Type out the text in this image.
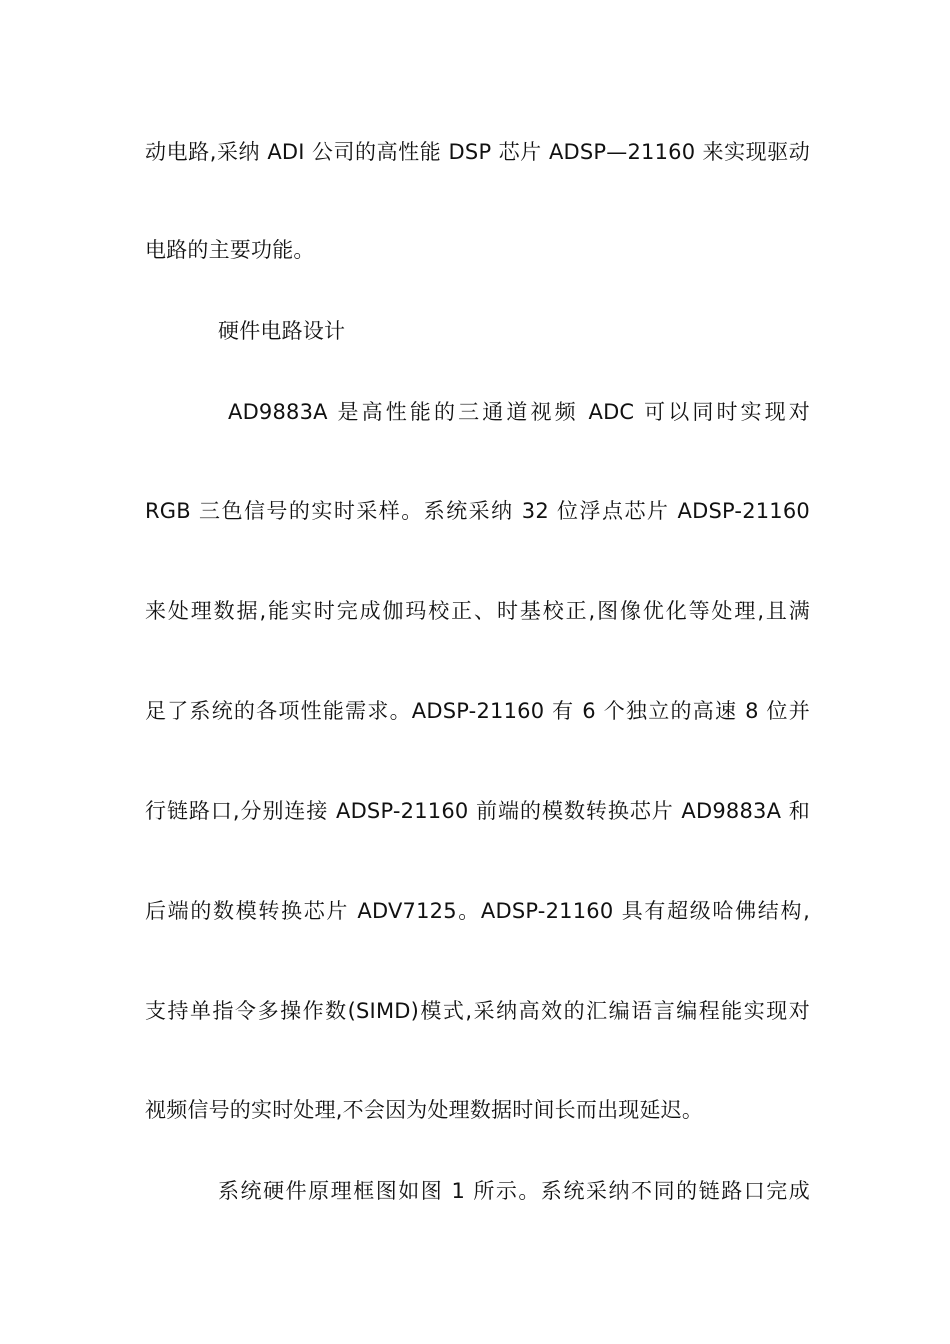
动电路,采纳 ADI 公司的高性能 DSP 芯片 ADSP—21160 来实现驱动
电路的主要功能。
硬件电路设计
AD9883A 是高性能的三通道视频 ADC 可以同时实现对
RGB 三色信号的实时采样。系统采纳 32 位浮点芯片 ADSP-21160
来处理数据,能实时完成伽玛校正、时基校正,图像优化等处理,且满
足了系统的各项性能需求。ADSP-21160 有 6 个独立的高速 8 位并
行链路口,分别连接 ADSP-21160 前端的模数转换芯片 AD9883A 和
后端的数模转换芯片 ADV7125。ADSP-21160 具有超级哈佛结构,
支持单指令多操作数(SIMD)模式,采纳高效的汇编语言编程能实现对
视频信号的实时处理,不会因为处理数据时间长而出现延迟。
系统硬件原理框图如图 1 所示。系统采纳不同的链路口完成
